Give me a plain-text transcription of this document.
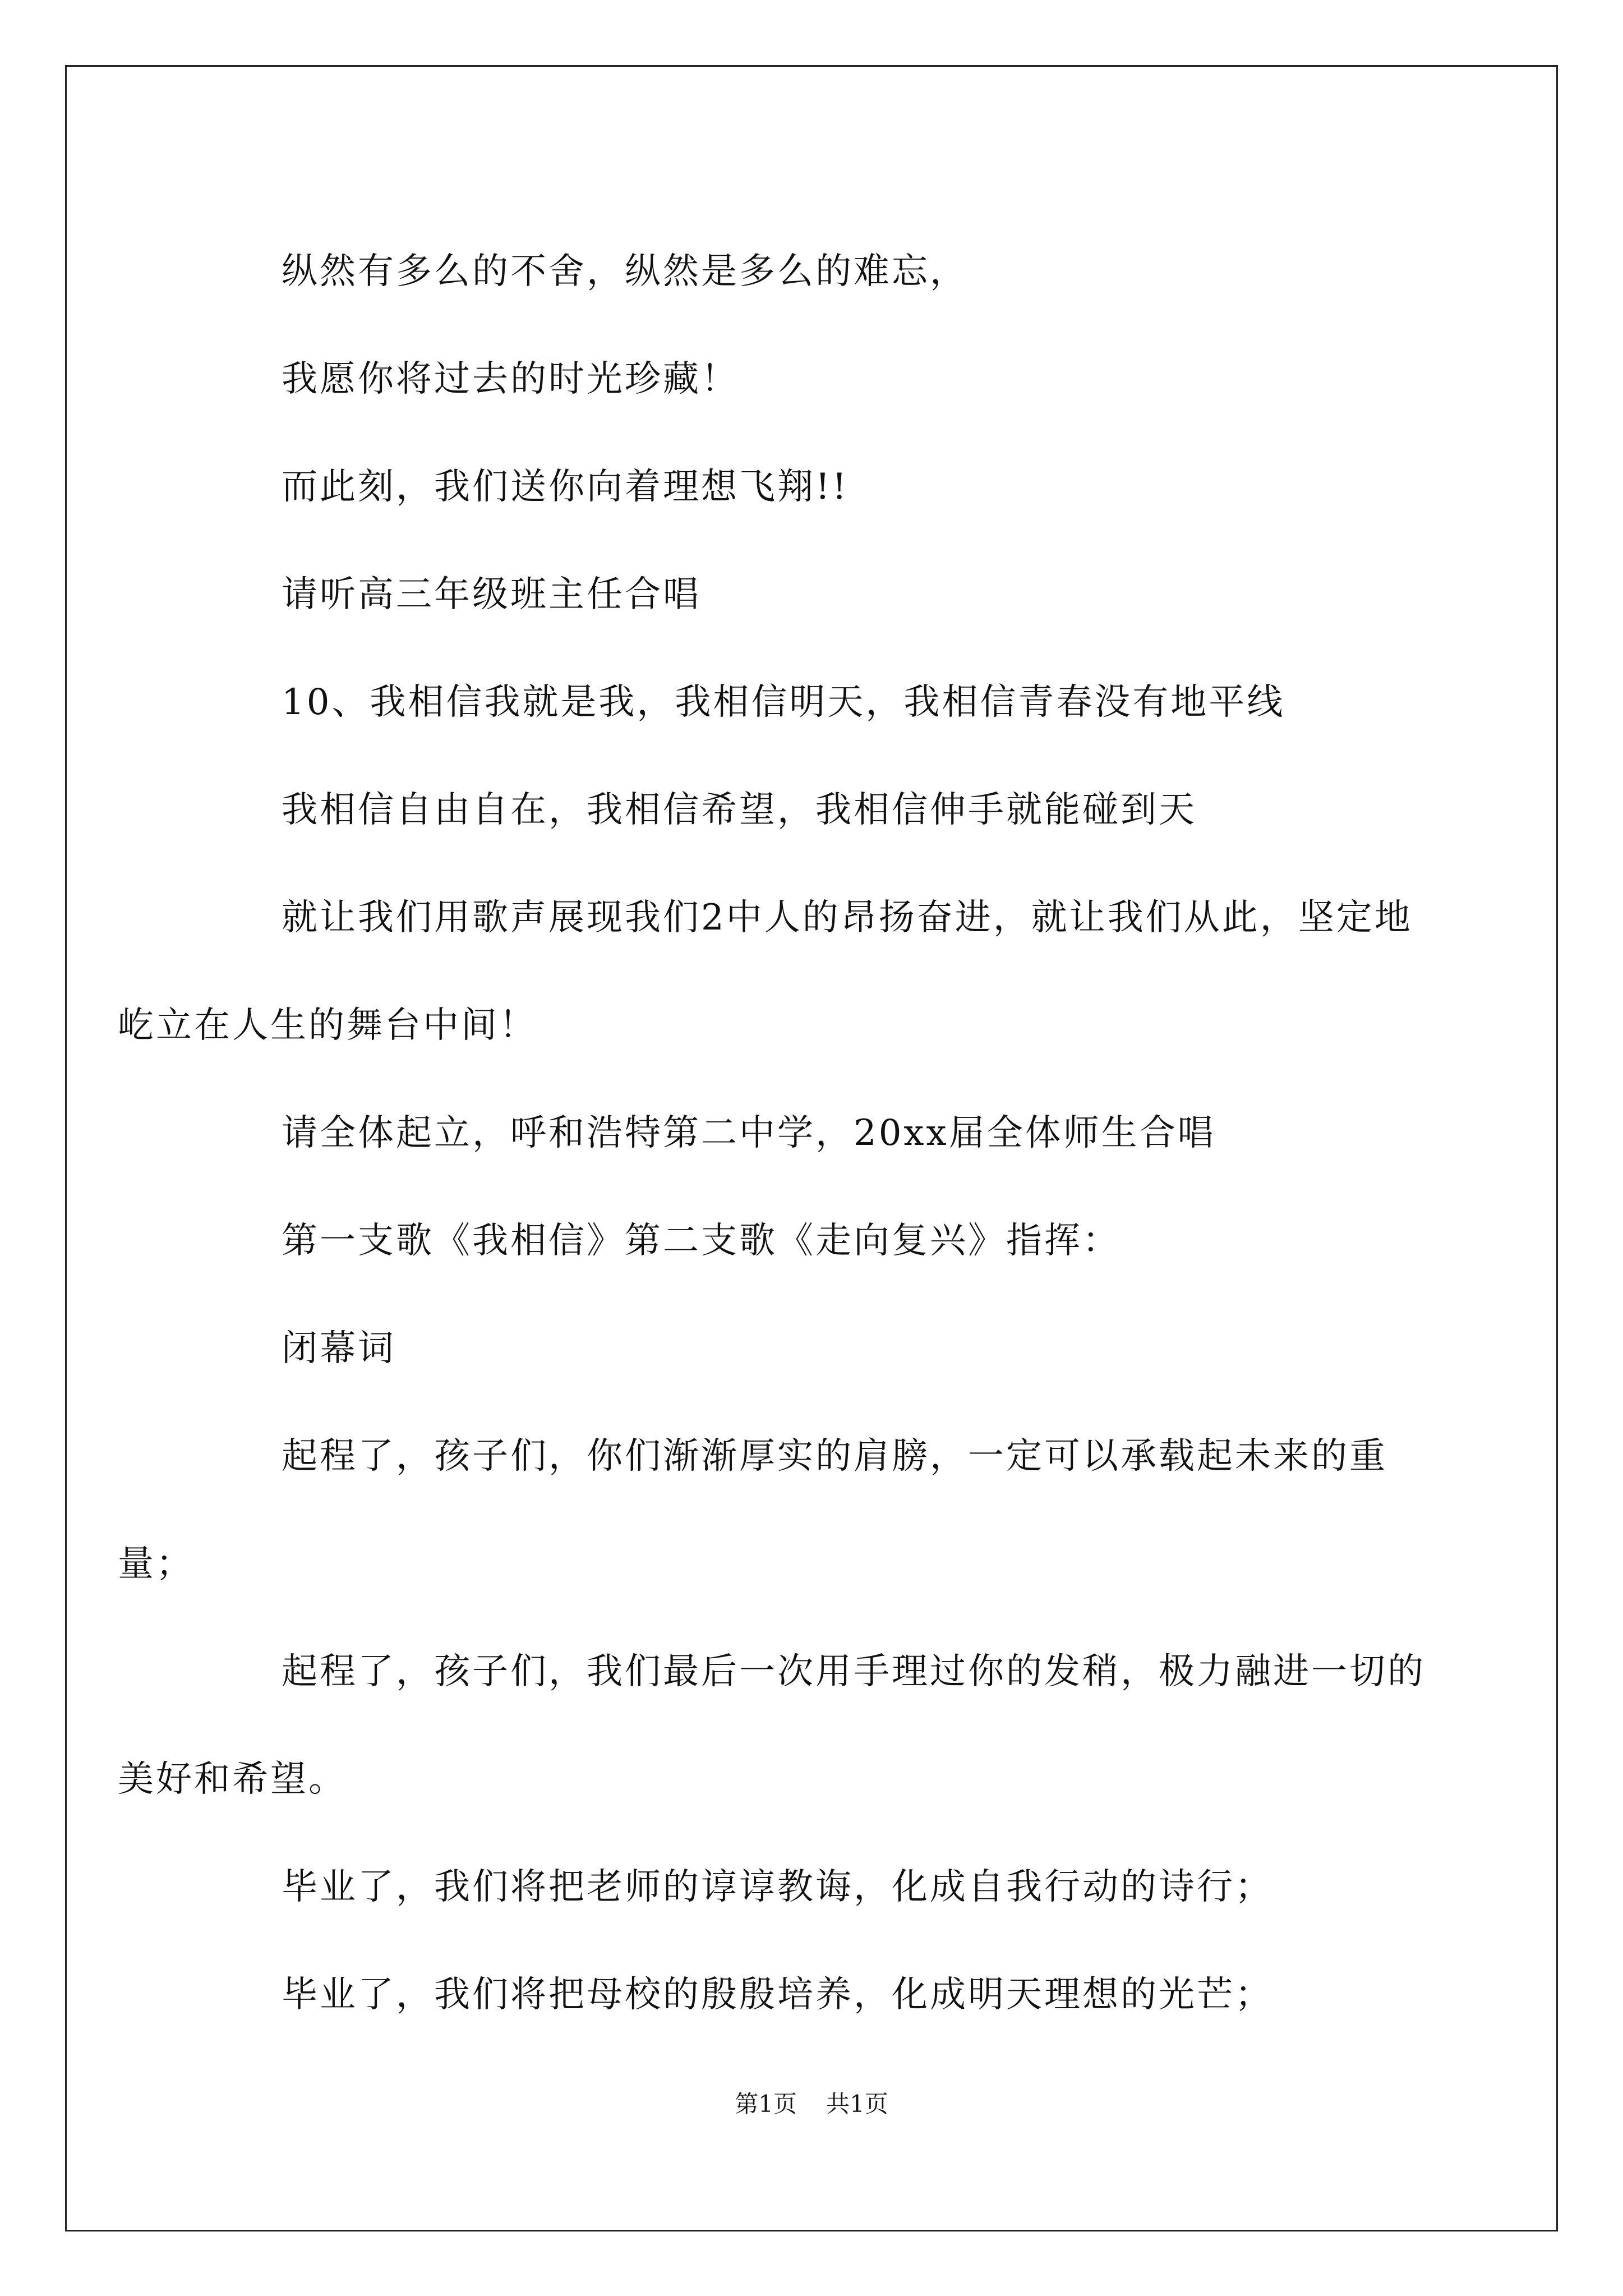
纵然有多么的不舍，纵然是多么的难忘，

我愿你将过去的时光珍藏！

而此刻，我们送你向着理想飞翔!!

请听高三年级班主任合唱

10、我相信我就是我，我相信明天，我相信青春没有地平线

我相信自由自在，我相信希望，我相信伸手就能碰到天

就让我们用歌声展现我们2中人的昂扬奋进，就让我们从此，坚定地屹立在人生的舞台中间！

请全体起立，呼和浩特第二中学，20xx届全体师生合唱

第一支歌《我相信》第二支歌《走向复兴》指挥：

闭幕词

起程了，孩子们，你们渐渐厚实的肩膀，一定可以承载起未来的重量；

起程了，孩子们，我们最后一次用手理过你的发稍，极力融进一切的美好和希望。

毕业了，我们将把老师的谆谆教诲，化成自我行动的诗行；

毕业了，我们将把母校的殷殷培养，化成明天理想的光芒；

第1页 共1页
